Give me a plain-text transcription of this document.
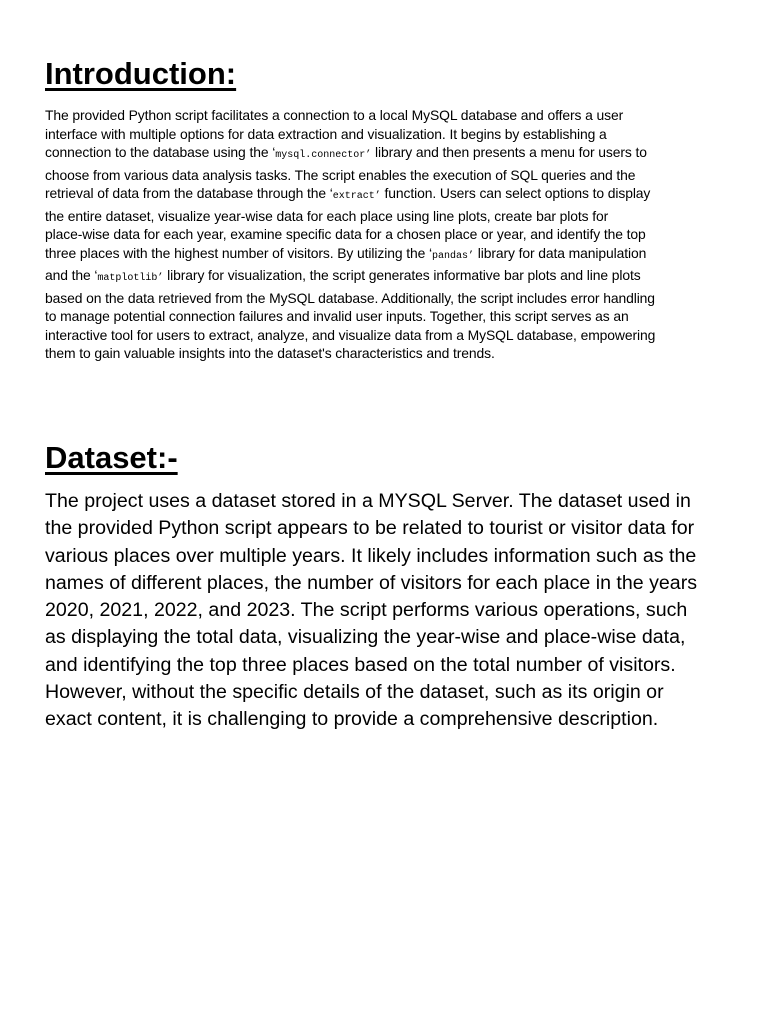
Introduction:

The provided Python script facilitates a connection to a local MySQL database and offers a user
interface with multiple options for data extraction and visualization. It begins by establishing a
connection to the database using the ‘mysql.connector’ library and then presents a menu for users to
choose from various data analysis tasks. The script enables the execution of SQL queries and the
retrieval of data from the database through the ‘extract’ function. Users can select options to display
the entire dataset, visualize year-wise data for each place using line plots, create bar plots for
place-wise data for each year, examine specific data for a chosen place or year, and identify the top
three places with the highest number of visitors. By utilizing the ‘pandas’ library for data manipulation
and the ‘matplotlib’ library for visualization, the script generates informative bar plots and line plots
based on the data retrieved from the MySQL database. Additionally, the script includes error handling
to manage potential connection failures and invalid user inputs. Together, this script serves as an
interactive tool for users to extract, analyze, and visualize data from a MySQL database, empowering
them to gain valuable insights into the dataset's characteristics and trends.

Dataset:-

The project uses a dataset stored in a MYSQL Server. The dataset used in
the provided Python script appears to be related to tourist or visitor data for
various places over multiple years. It likely includes information such as the
names of different places, the number of visitors for each place in the years
2020, 2021, 2022, and 2023. The script performs various operations, such
as displaying the total data, visualizing the year-wise and place-wise data,
and identifying the top three places based on the total number of visitors.
However, without the specific details of the dataset, such as its origin or
exact content, it is challenging to provide a comprehensive description.
